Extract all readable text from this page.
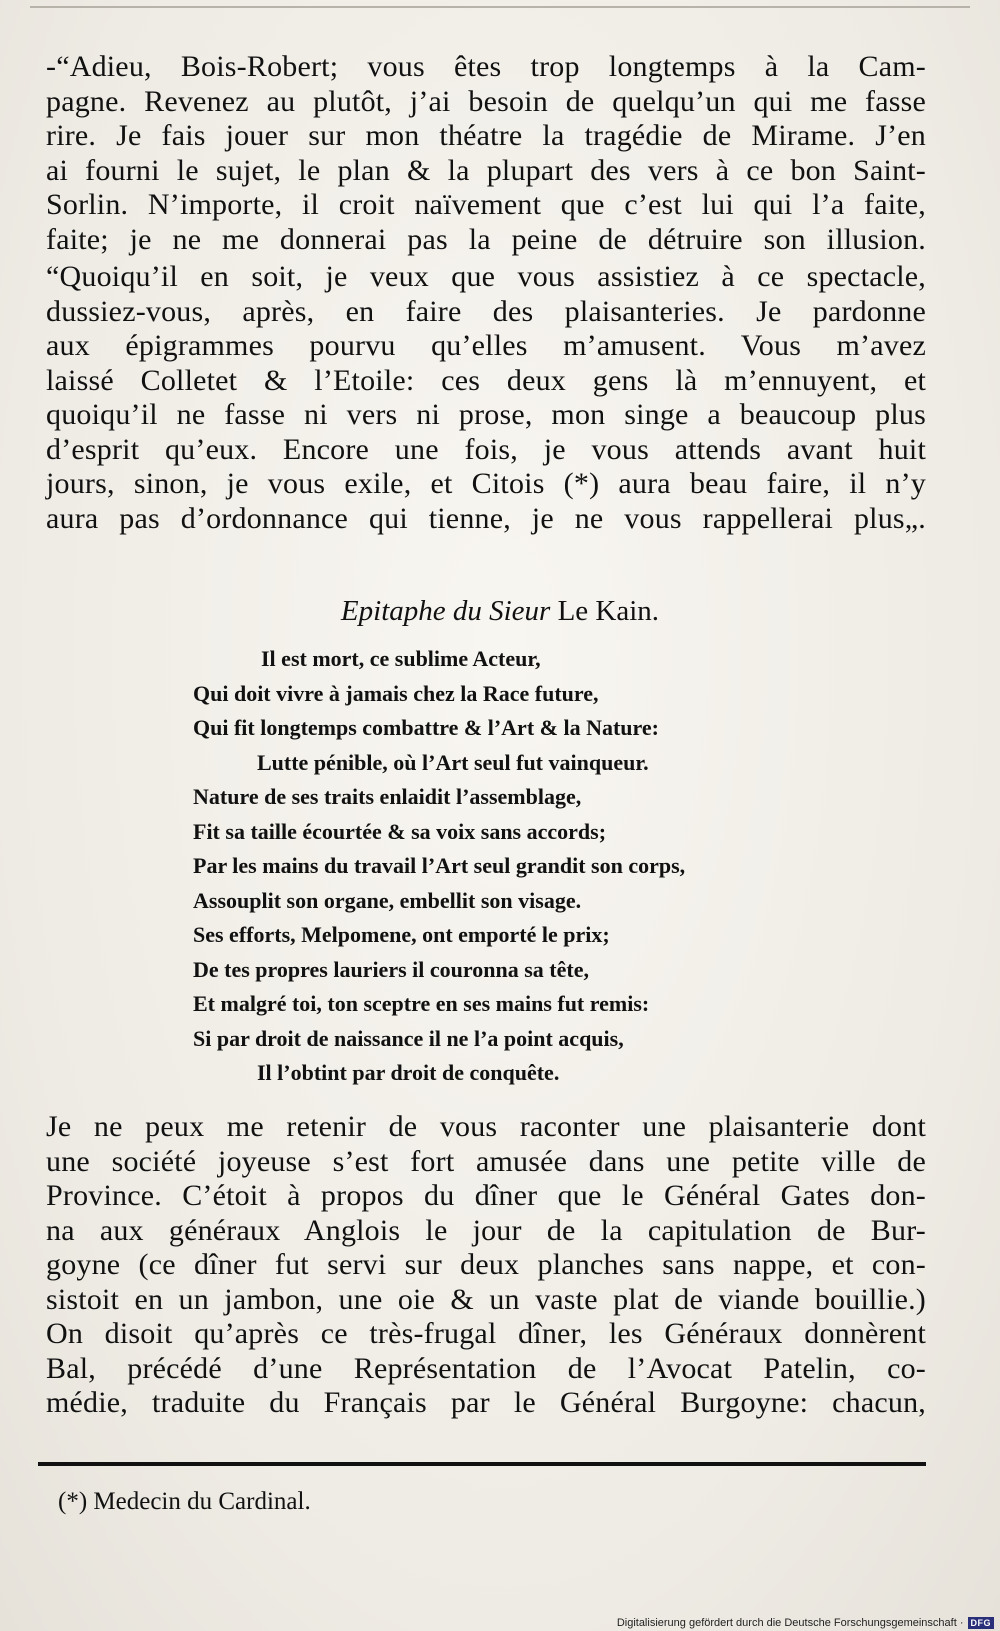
-“Adieu, Bois-Robert; vous êtes trop longtemps à la Cam-
pagne. Revenez au plutôt, j’ai besoin de quelqu’un qui me fasse
rire. Je fais jouer sur mon théatre la tragédie de Mirame. J’en
ai fourni le sujet, le plan & la plupart des vers à ce bon Saint-
Sorlin. N’importe, il croit naïvement que c’est lui qui l’a faite,
faite; je ne me donnerai pas la peine de détruire son illusion.
“Quoiqu’il en soit, je veux que vous assistiez à ce spectacle,
dussiez-vous, après, en faire des plaisanteries. Je pardonne
aux épigrammes pourvu qu’elles m’amusent. Vous m’avez
laissé Colletet & l’Etoile: ces deux gens là m’ennuyent, et
quoiqu’il ne fasse ni vers ni prose, mon singe a beaucoup plus
d’esprit qu’eux. Encore une fois, je vous attends avant huit
jours, sinon, je vous exile, et Citois (*) aura beau faire, il n’y
aura pas d’ordonnance qui tienne, je ne vous rappellerai plus„.
Epitaphe du Sieur Le Kain.
Il est mort, ce sublime Acteur,
Qui doit vivre à jamais chez la Race future,
Qui fit longtemps combattre & l’Art & la Nature:
Lutte pénible, où l’Art seul fut vainqueur.
Nature de ses traits enlaidit l’assemblage,
Fit sa taille écourtée & sa voix sans accords;
Par les mains du travail l’Art seul grandit son corps,
Assouplit son organe, embellit son visage.
Ses efforts, Melpomene, ont emporté le prix;
De tes propres lauriers il couronna sa tête,
Et malgré toi, ton sceptre en ses mains fut remis:
Si par droit de naissance il ne l’a point acquis,
Il l’obtint par droit de conquête.
Je ne peux me retenir de vous raconter une plaisanterie dont
une société joyeuse s’est fort amusée dans une petite ville de
Province. C’étoit à propos du dîner que le Général Gates don-
na aux généraux Anglois le jour de la capitulation de Bur-
goyne (ce dîner fut servi sur deux planches sans nappe, et con-
sistoit en un jambon, une oie & un vaste plat de viande bouillie.)
On disoit qu’après ce très-frugal dîner, les Généraux donnèrent
Bal, précédé d’une Représentation de l’Avocat Patelin, co-
médie, traduite du Français par le Général Burgoyne: chacun,
(*) Medecin du Cardinal.
Digitalisierung gefördert durch die Deutsche Forschungsgemeinschaft · DFG
